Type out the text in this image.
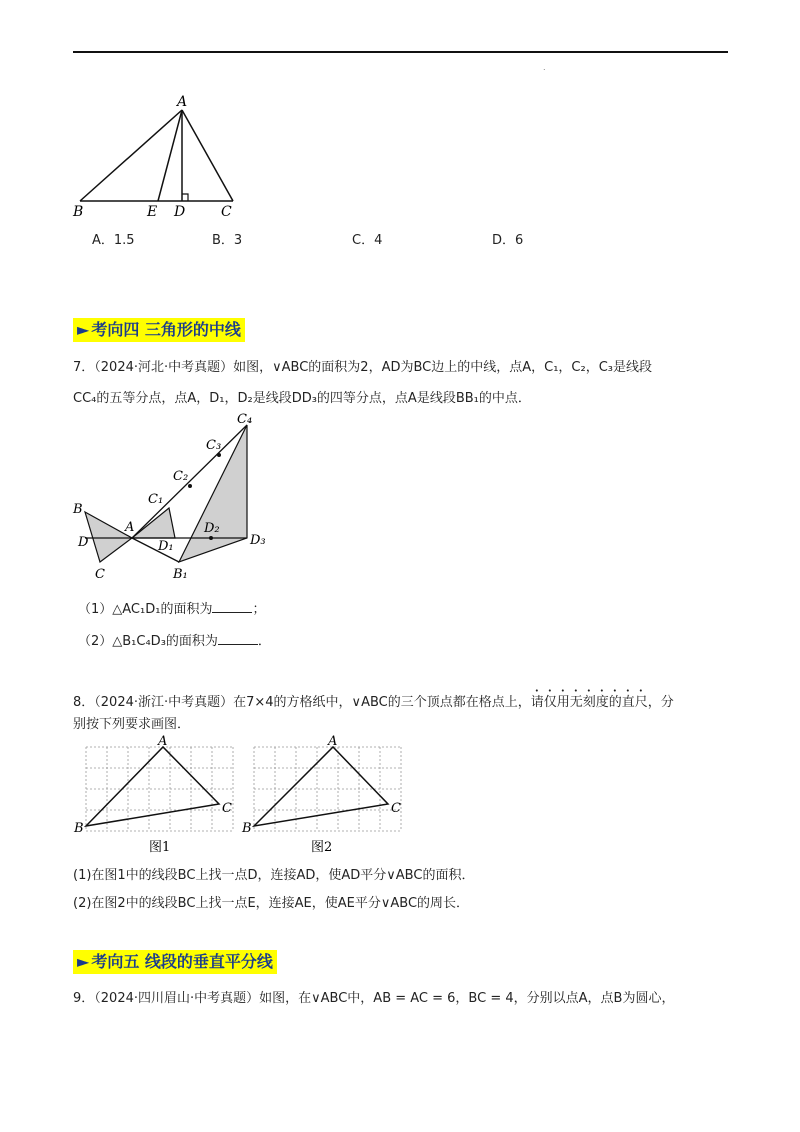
.
A
B	E D	C
A．1.5	B．3	C．4	D．6
► 考向四 三角形的中线
7．（2024·河北·中考真题）如图，∨ABC的面积为2，AD为BC边上的中线，点A，C₁，C₂，C₃是线段
CC₄的五等分点，点A，D₁，D₂是线段DD₃的四等分点，点A是线段BB₁的中点．
B
A
D
C
C₁
C₂
C₃
C₄
D₁
D₂
D₃
B₁
（1）△AC₁D₁的面积为	；
（2）△B₁C₄D₃的面积为	．
8．（2024·浙江·中考真题）在7×4的方格纸中，∨ABC的三个顶点都在格点上，请仅用无刻度的直尺，分
别按下列要求画图．
A
B
C
图1
A
B
C
图2
(1)在图1中的线段BC上找一点D，连接AD，使AD平分∨ABC的面积．
(2)在图2中的线段BC上找一点E，连接AE，使AE平分∨ABC的周长．
► 考向五 线段的垂直平分线
9．（2024·四川眉山·中考真题）如图，在∨ABC中，AB = AC = 6，BC = 4，分别以点A，点B为圆心，
